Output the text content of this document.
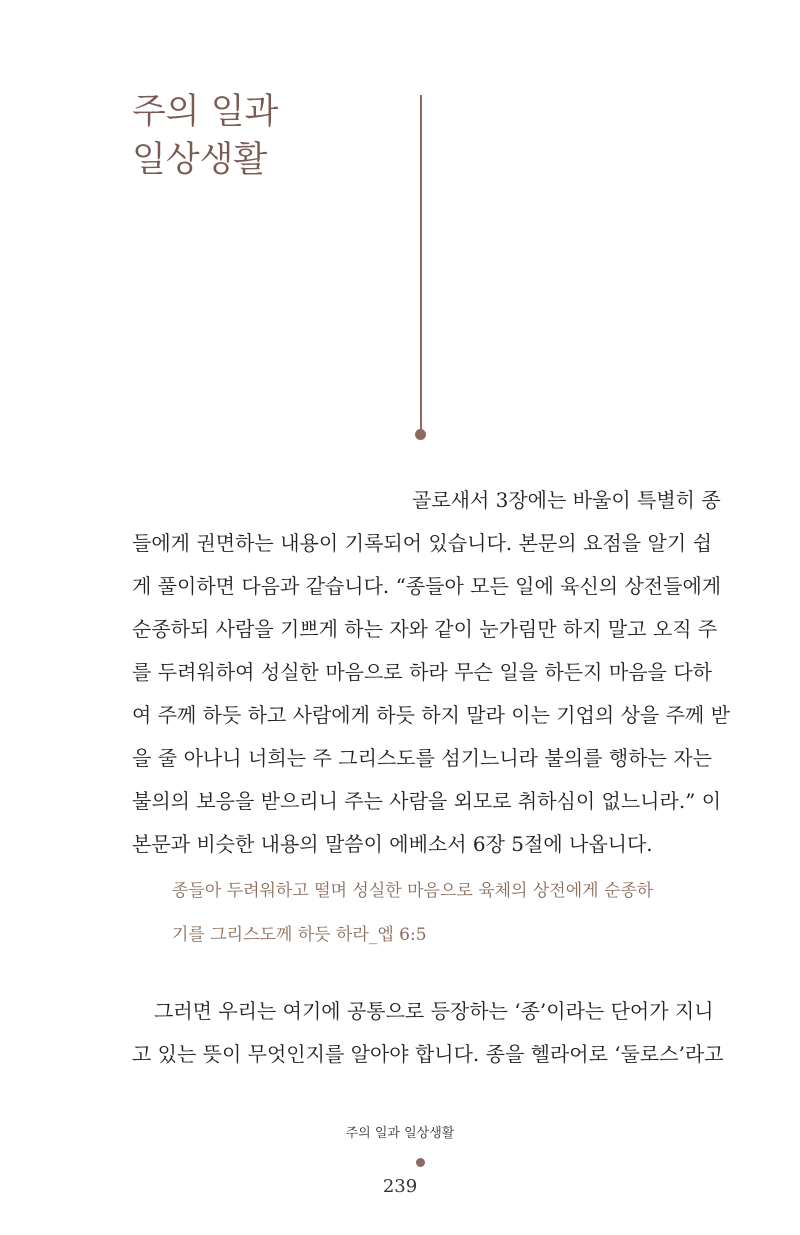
주의 일과
일상생활

골로새서 3장에는 바울이 특별히 종
들에게 권면하는 내용이 기록되어 있습니다. 본문의 요점을 알기 쉽
게 풀이하면 다음과 같습니다. “종들아 모든 일에 육신의 상전들에게
순종하되 사람을 기쁘게 하는 자와 같이 눈가림만 하지 말고 오직 주
를 두려워하여 성실한 마음으로 하라 무슨 일을 하든지 마음을 다하
여 주께 하듯 하고 사람에게 하듯 하지 말라 이는 기업의 상을 주께 받
을 줄 아나니 너희는 주 그리스도를 섬기느니라 불의를 행하는 자는
불의의 보응을 받으리니 주는 사람을 외모로 취하심이 없느니라.” 이
본문과 비슷한 내용의 말씀이 에베소서 6장 5절에 나옵니다.

종들아 두려워하고 떨며 성실한 마음으로 육체의 상전에게 순종하
기를 그리스도께 하듯 하라_엡 6:5

그러면 우리는 여기에 공통으로 등장하는 ‘종’이라는 단어가 지니
고 있는 뜻이 무엇인지를 알아야 합니다. 종을 헬라어로 ‘둘로스’라고

주의 일과 일상생활
239
